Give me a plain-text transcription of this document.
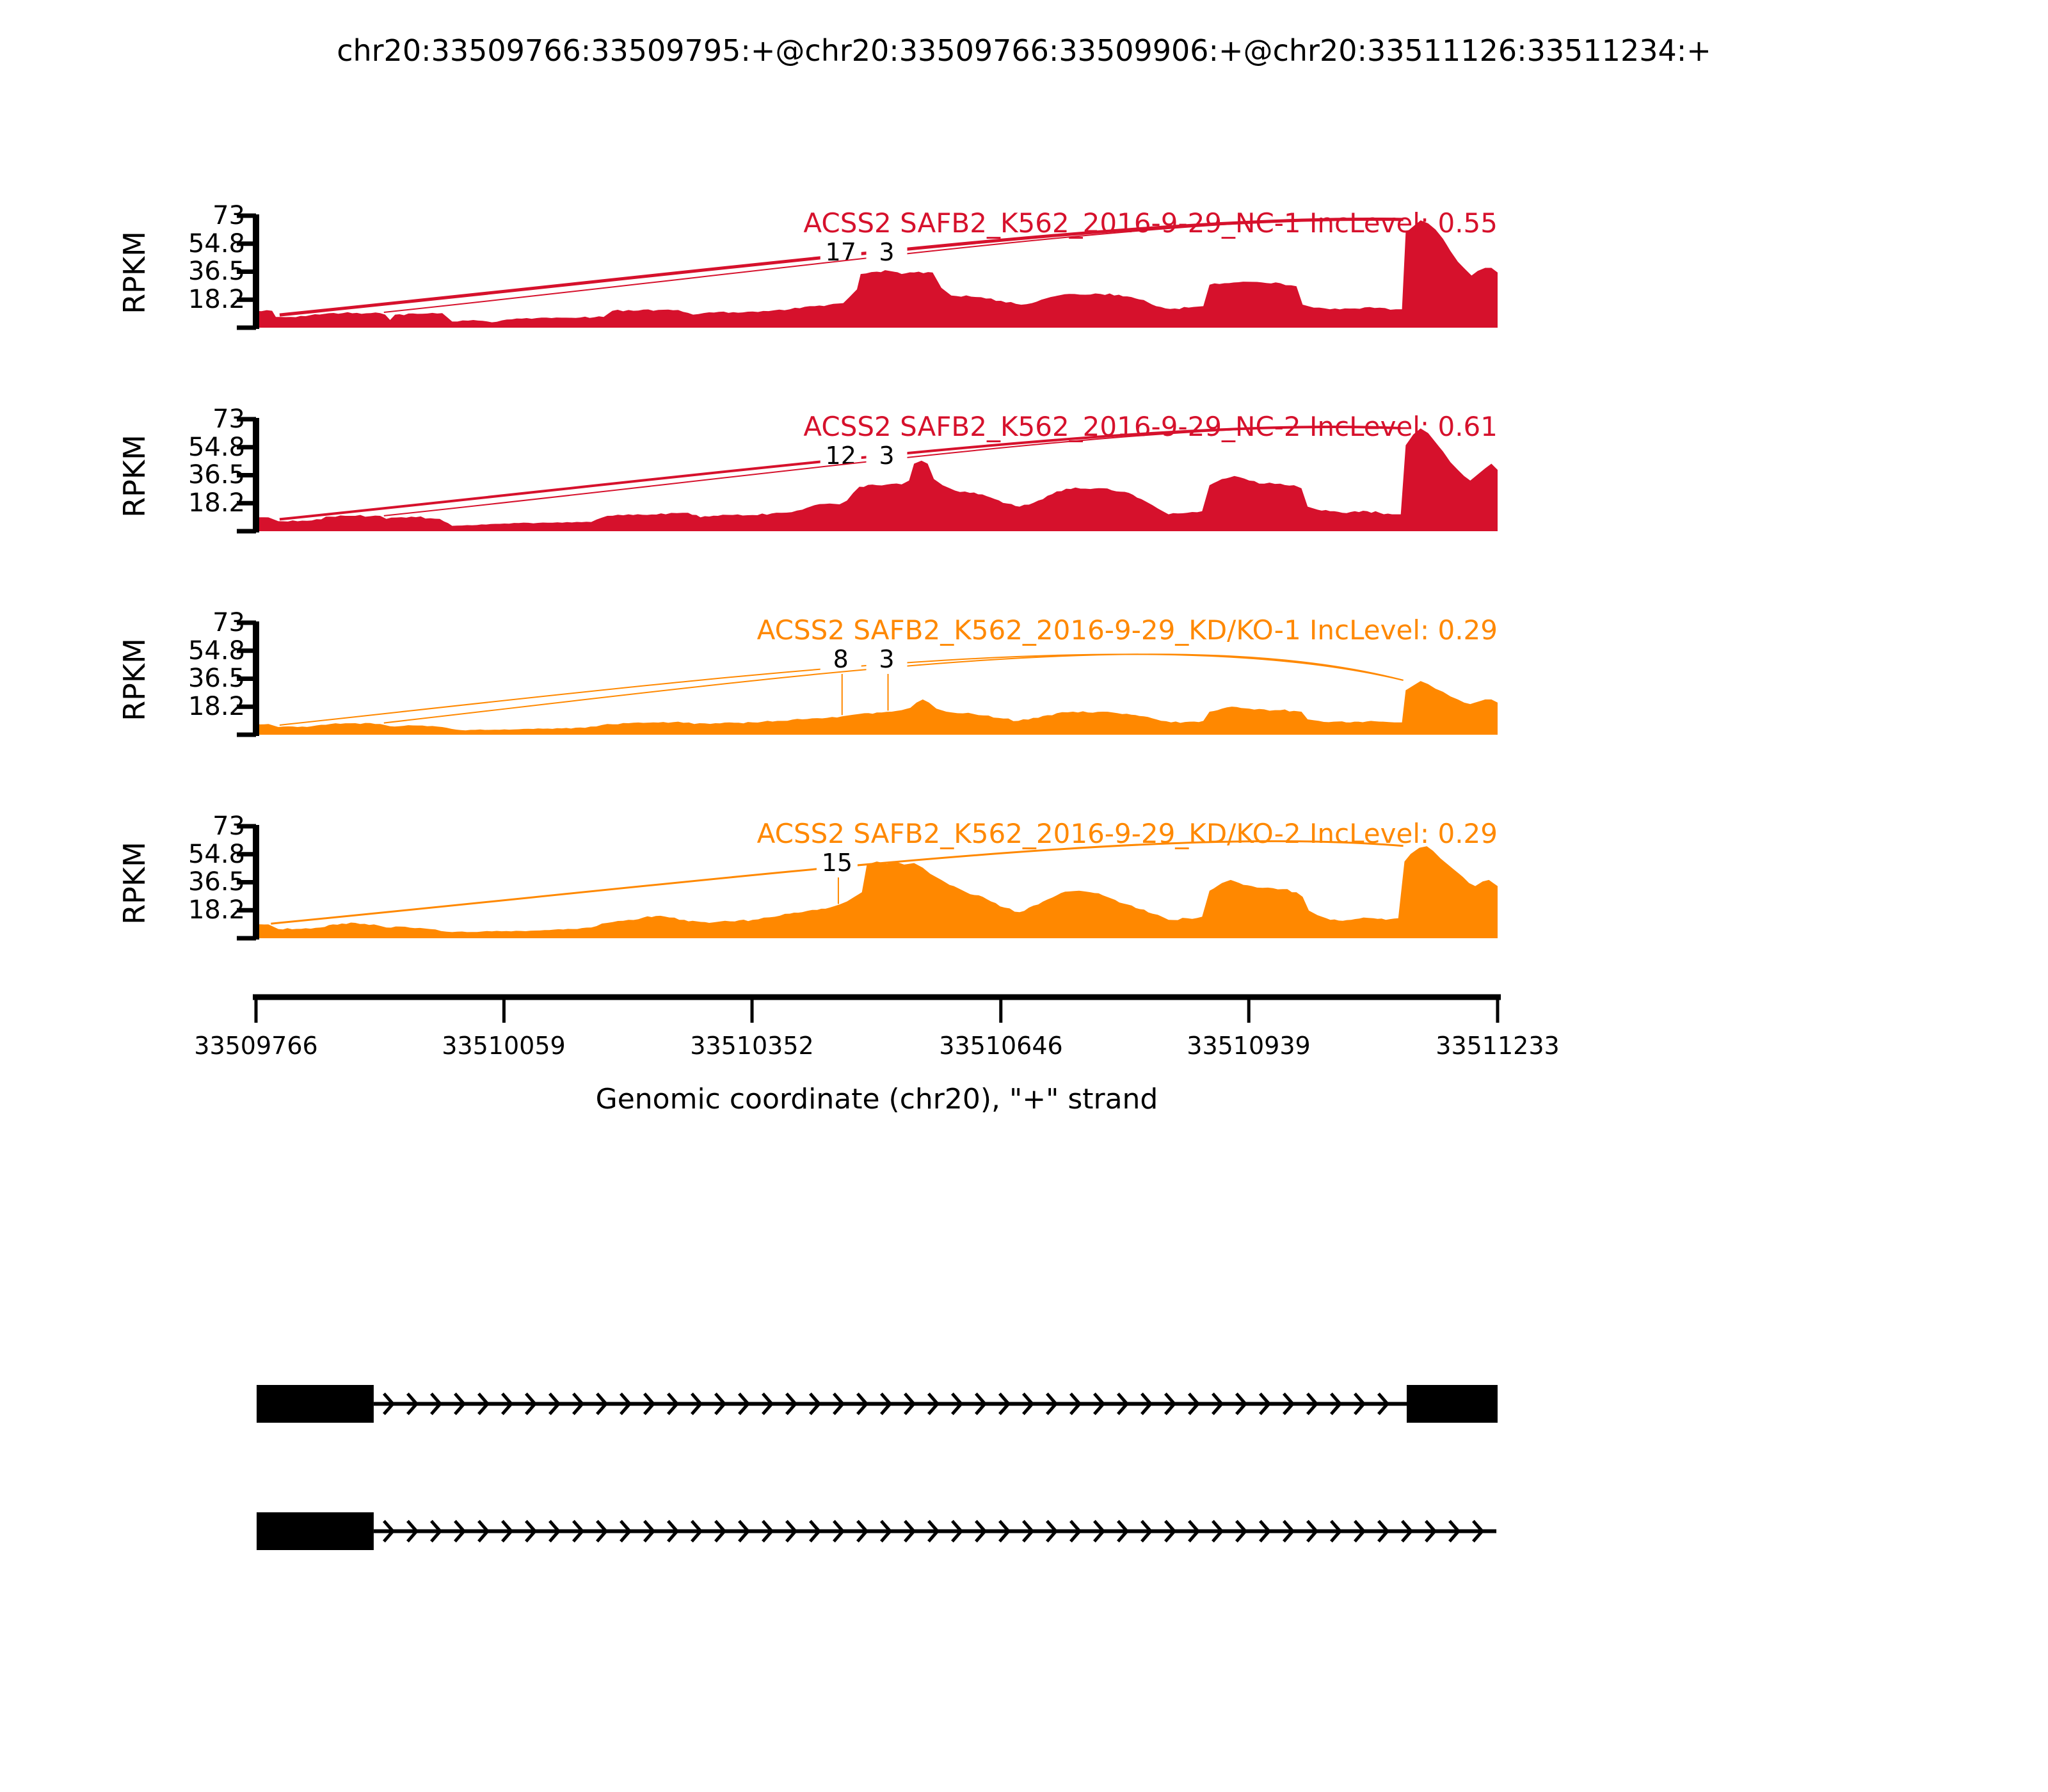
17 3
12 3
8 3
15
chr20:33509766:33509795:+@chr20:33509766:33509906:+@chr20:33511126:33511234:+
RPKM
73
54.8
36.5
18.2
ACSS2 SAFB2_K562_2016-9-29_NC-1 IncLevel: 0.55
RPKM
73
54.8
36.5
18.2
ACSS2 SAFB2_K562_2016-9-29_NC-2 IncLevel: 0.61
RPKM
73
54.8
36.5
18.2
ACSS2 SAFB2_K562_2016-9-29_KD/KO-1 IncLevel: 0.29
RPKM
73
54.8
36.5
18.2
ACSS2 SAFB2_K562_2016-9-29_KD/KO-2 IncLevel: 0.29
33509766	33510059	33510352	33510646	33510939	33511233
Genomic coordinate (chr20), "+" strand
